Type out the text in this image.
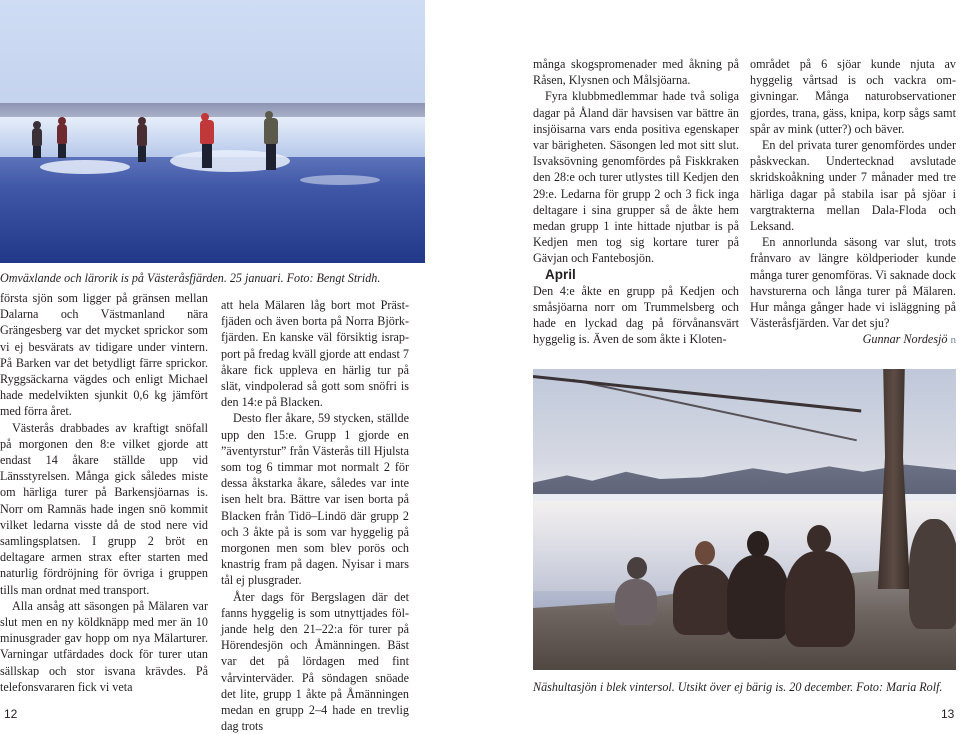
Omväxlande och lärorik is på Västeråsfjärden. 25 januari. Foto: Bengt Stridh.

första sjön som ligger på gränsen mellan Dalarna och Västmanland nära Grängesberg var det mycket sprickor som vi ej besvärats av tidigare under vintern. På Barken var det betydligt färre sprickor. Ryggsäckarna vägdes och enligt Michael hade medelvikten sjunkit 0,6 kg jämfört med förra året.

Västerås drabbades av kraftigt snöfall på morgonen den 8:e vilket gjorde att endast 14 åkare ställde upp vid Länsstyrelsen. Många gick således miste om härliga turer på Barkensjöarnas is. Norr om Ramnäs hade ingen snö kommit vilket ledarna visste då de stod nere vid samlingsplatsen. I grupp 2 bröt en deltagare armen strax efter starten med naturlig fördröjning för övriga i gruppen tills man ordnat med transport.

Alla ansåg att säsongen på Mälaren var slut men en ny köldknäpp med mer än 10 minusgrader gav hopp om nya Mälarturer. Varningar utfärdades dock för turer utan sällskap och stor isvana krävdes. På telefonsvararen fick vi veta

att hela Mälaren låg bort mot Prästfjäden och även borta på Norra Björkfjärden. En kanske väl försiktig israpport på fredag kväll gjorde att endast 7 åkare fick uppleva en härlig tur på slät, vindpolerad så gott som snöfri is den 14:e på Blacken.

Desto fler åkare, 59 stycken, ställde upp den 15:e. Grupp 1 gjorde en ”äventyrstur” från Västerås till Hjulsta som tog 6 timmar mot normalt 2 för dessa åkstarka åkare, således var inte isen helt bra. Bättre var isen borta på Blacken från Tidö–Lindö där grupp 2 och 3 åkte på is som var hyggelig på morgonen men som blev porös och knastrig fram på dagen. Nyisar i mars tål ej plusgrader.

Åter dags för Bergslagen där det fanns hyggelig is som utnyttjades följande helg den 21–22:a för turer på Hörendesjön och Åmänningen. Bäst var det på lördagen med fint vårvinterväder. På söndagen snöade det lite, grupp 1 åkte på Åmänningen medan en grupp 2–4 hade en trevlig dag trots

många skogspromenader med åkning på Råsen, Klysnen och Målsjöarna.

Fyra klubbmedlemmar hade två soliga dagar på Åland där havsisen var bättre än insjöisarna vars enda positiva egenskaper var bärigheten. Säsongen led mot sitt slut. Isvaksövning genomfördes på Fiskkraken den 28:e och turer utlystes till Kedjen den 29:e. Ledarna för grupp 2 och 3 fick inga deltagare i sina grupper så de åkte hem medan grupp 1 inte hittade njutbar is på Kedjen men tog sig kortare turer på Gävjan och Fantebosjön.

April

Den 4:e åkte en grupp på Kedjen och småsjöarna norr om Trummelsberg och hade en lyckad dag på förvånansvärt hyggelig is. Även de som åkte i Kloten-

området på 6 sjöar kunde njuta av hyggelig vårtsad is och vackra omgivningar. Många naturobservationer gjordes, trana, gäss, knipa, korp sågs samt spår av mink (utter?) och bäver.

En del privata turer genomfördes under påskveckan. Undertecknad avslutade skridskoåkning under 7 månader med tre härliga dagar på stabila isar på sjöar i vargtrakterna mellan Dala-Floda och Leksand.

En annorlunda säsong var slut, trots frånvaro av längre köldperioder kunde många turer genomföras. Vi saknade dock havsturerna och långa turer på Mälaren. Hur många gånger hade vi isläggning på Västeråsfjärden. Var det sju?

Gunnar Nordesjö n

Näshultasjön i blek vintersol. Utsikt över ej bärig is. 20 december. Foto: Maria Rolf.
12	13
